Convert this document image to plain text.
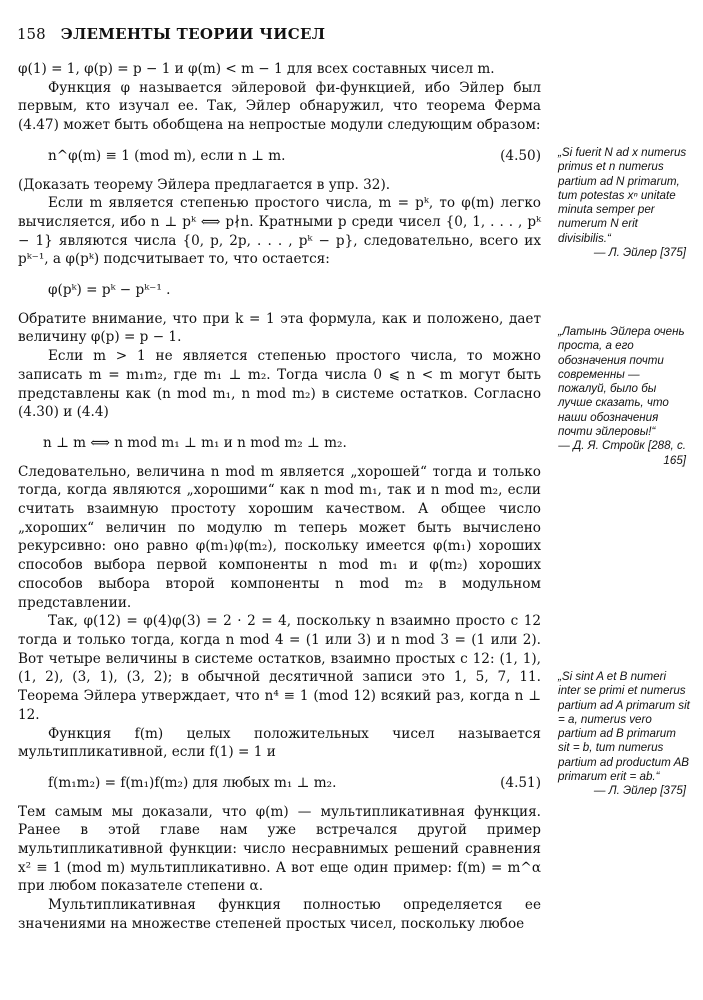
158 ЭЛЕМЕНТЫ ТЕОРИИ ЧИСЕЛ

φ(1) = 1, φ(p) = p − 1 и φ(m) < m − 1 для всех составных чисел m.

Функция φ называется эйлеровой фи-функцией, ибо Эйлер был первым, кто изучал ее. Так, Эйлер обнаружил, что теорема Ферма (4.47) может быть обобщена на непростые модули следующим образом:

n^φ(m) ≡ 1 (mod m), если n ⊥ m.	(4.50)

(Доказать теорему Эйлера предлагается в упр. 32).

Если m является степенью простого числа, m = pᵏ, то φ(m) легко вычисляется, ибо n ⊥ pᵏ ⟺ p∤n. Кратными p среди чисел {0, 1, . . . , pᵏ − 1} являются числа {0, p, 2p, . . . , pᵏ − p}, следовательно, всего их pᵏ⁻¹, а φ(pᵏ) подсчитывает то, что остается:

φ(pᵏ) = pᵏ − pᵏ⁻¹ .

Обратите внимание, что при k = 1 эта формула, как и положено, дает величину φ(p) = p − 1.

Если m > 1 не является степенью простого числа, то можно записать m = m₁m₂, где m₁ ⊥ m₂. Тогда числа 0 ⩽ n < m могут быть представлены как (n mod m₁, n mod m₂) в системе остатков. Согласно (4.30) и (4.4)

n ⊥ m ⟺ n mod m₁ ⊥ m₁ и n mod m₂ ⊥ m₂.

Следовательно, величина n mod m является „хорошей“ тогда и только тогда, когда являются „хорошими“ как n mod m₁, так и n mod m₂, если считать взаимную простоту хорошим качеством. А общее число „хороших“ величин по модулю m теперь может быть вычислено рекурсивно: оно равно φ(m₁)φ(m₂), поскольку имеется φ(m₁) хороших способов выбора первой компоненты n mod m₁ и φ(m₂) хороших способов выбора второй компоненты n mod m₂ в модульном представлении.

Так, φ(12) = φ(4)φ(3) = 2 · 2 = 4, поскольку n взаимно просто с 12 тогда и только тогда, когда n mod 4 = (1 или 3) и n mod 3 = (1 или 2). Вот четыре величины в системе остатков, взаимно простых с 12: (1, 1), (1, 2), (3, 1), (3, 2); в обычной десятичной записи это 1, 5, 7, 11. Теорема Эйлера утверждает, что n⁴ ≡ 1 (mod 12) всякий раз, когда n ⊥ 12.

Функция f(m) целых положительных чисел называется мультипликативной, если f(1) = 1 и

f(m₁m₂) = f(m₁)f(m₂) для любых m₁ ⊥ m₂.	(4.51)

Тем самым мы доказали, что φ(m) — мультипликативная функция. Ранее в этой главе нам уже встречался другой пример мультипликативной функции: число несравнимых решений сравнения x² ≡ 1 (mod m) мультипликативно. А вот еще один пример: f(m) = m^α при любом показателе степени α.

Мультипликативная функция полностью определяется ее значениями на множестве степеней простых чисел, поскольку любое

„Si fuerit N ad x numerus primus et n numerus partium ad N primarum, tum potestas xⁿ unitate minuta semper per numerum N erit divisibilis.“

— Л. Эйлер [375]

„Латынь Эйлера очень проста, а его обозначения почти современны — пожалуй, было бы лучше сказать, что наши обозначения почти эйлеровы!“

— Д. Я. Стройк [288, с. 165]

„Si sint A et B numeri inter se primi et numerus partium ad A primarum sit = a, numerus vero partium ad B primarum sit = b, tum numerus partium ad productum AB primarum erit = ab.“

— Л. Эйлер [375]
